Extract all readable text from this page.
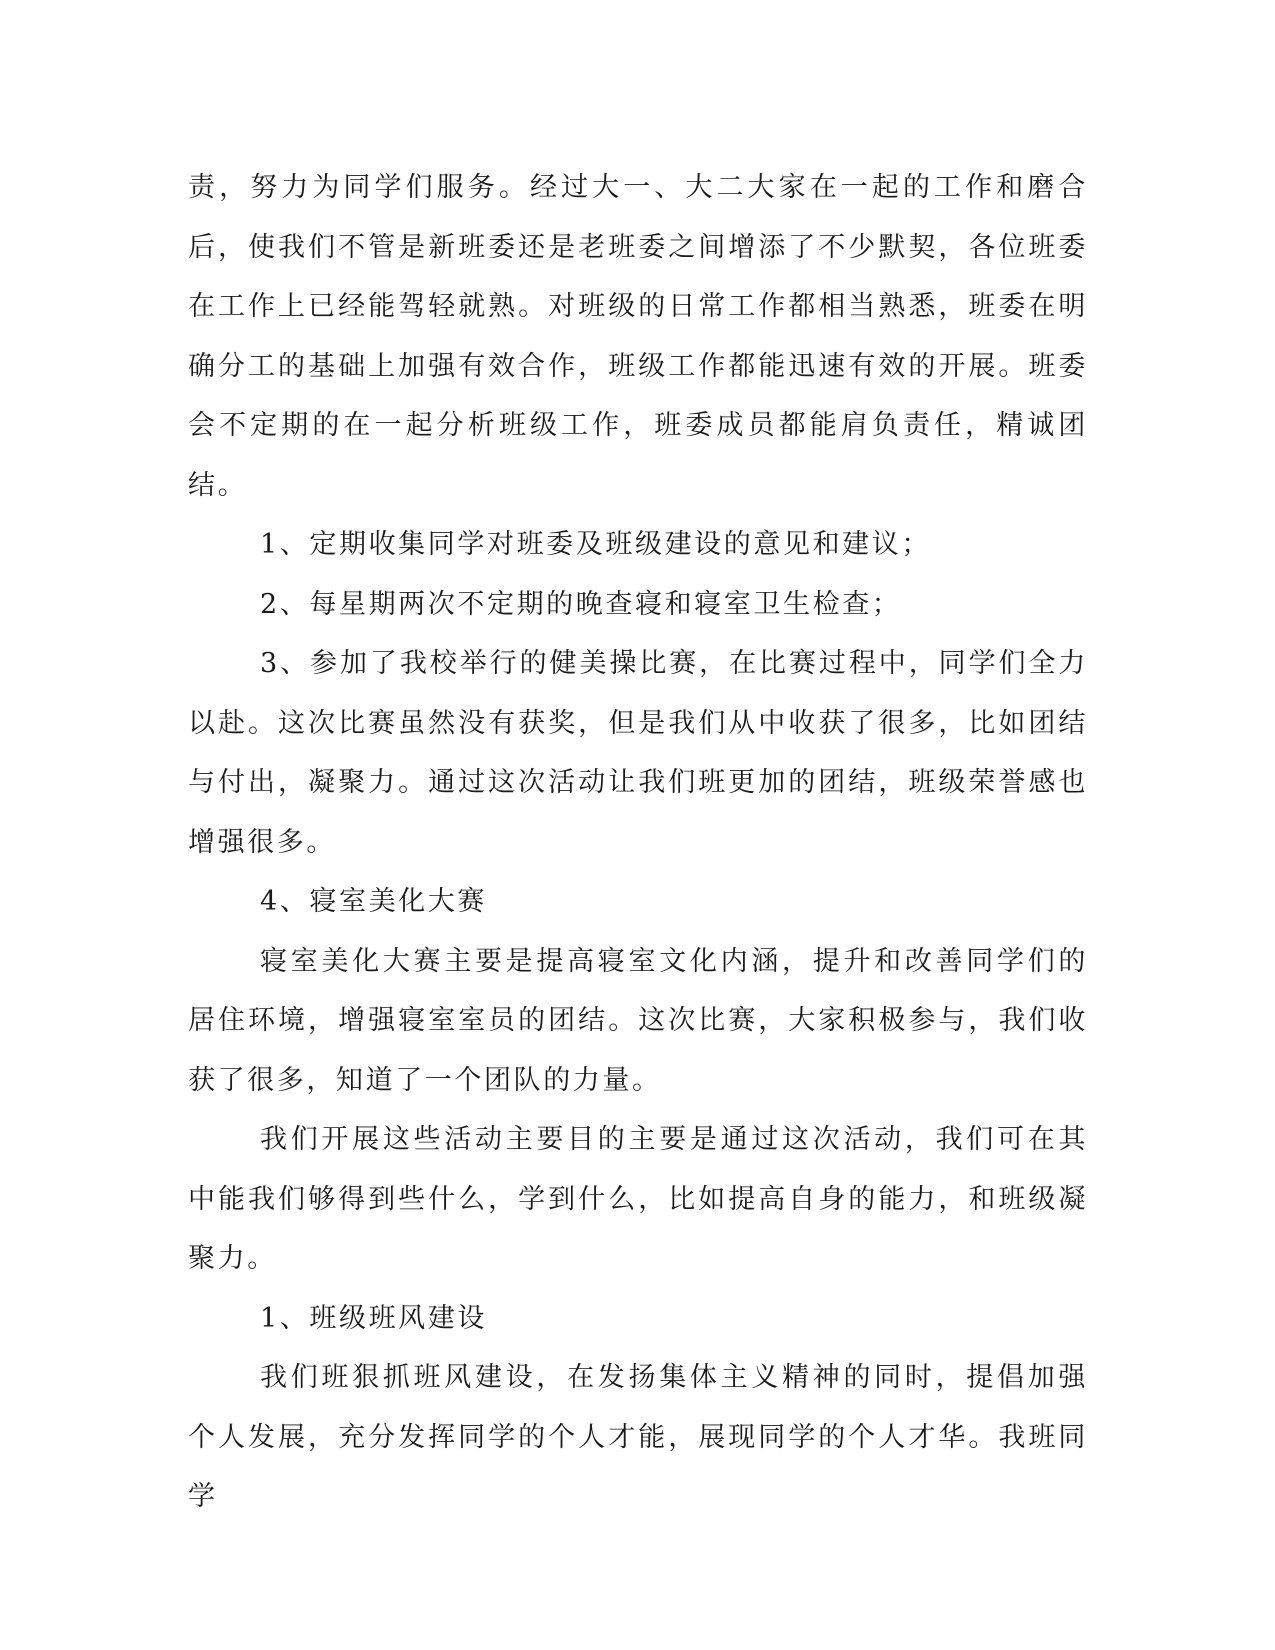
责，努力为同学们服务。经过大一、大二大家在一起的工作和磨合后，使我们不管是新班委还是老班委之间增添了不少默契，各位班委在工作上已经能驾轻就熟。对班级的日常工作都相当熟悉，班委在明确分工的基础上加强有效合作，班级工作都能迅速有效的开展。班委会不定期的在一起分析班级工作，班委成员都能肩负责任，精诚团结。

1、定期收集同学对班委及班级建设的意见和建议；

2、每星期两次不定期的晚查寝和寝室卫生检查；

3、参加了我校举行的健美操比赛，在比赛过程中，同学们全力以赴。这次比赛虽然没有获奖，但是我们从中收获了很多，比如团结与付出，凝聚力。通过这次活动让我们班更加的团结，班级荣誉感也增强很多。

4、寝室美化大赛

寝室美化大赛主要是提高寝室文化内涵，提升和改善同学们的居住环境，增强寝室室员的团结。这次比赛，大家积极参与，我们收获了很多，知道了一个团队的力量。

我们开展这些活动主要目的主要是通过这次活动，我们可在其中能我们够得到些什么，学到什么，比如提高自身的能力，和班级凝聚力。

1、班级班风建设

我们班狠抓班风建设，在发扬集体主义精神的同时，提倡加强个人发展，充分发挥同学的个人才能，展现同学的个人才华。我班同学
